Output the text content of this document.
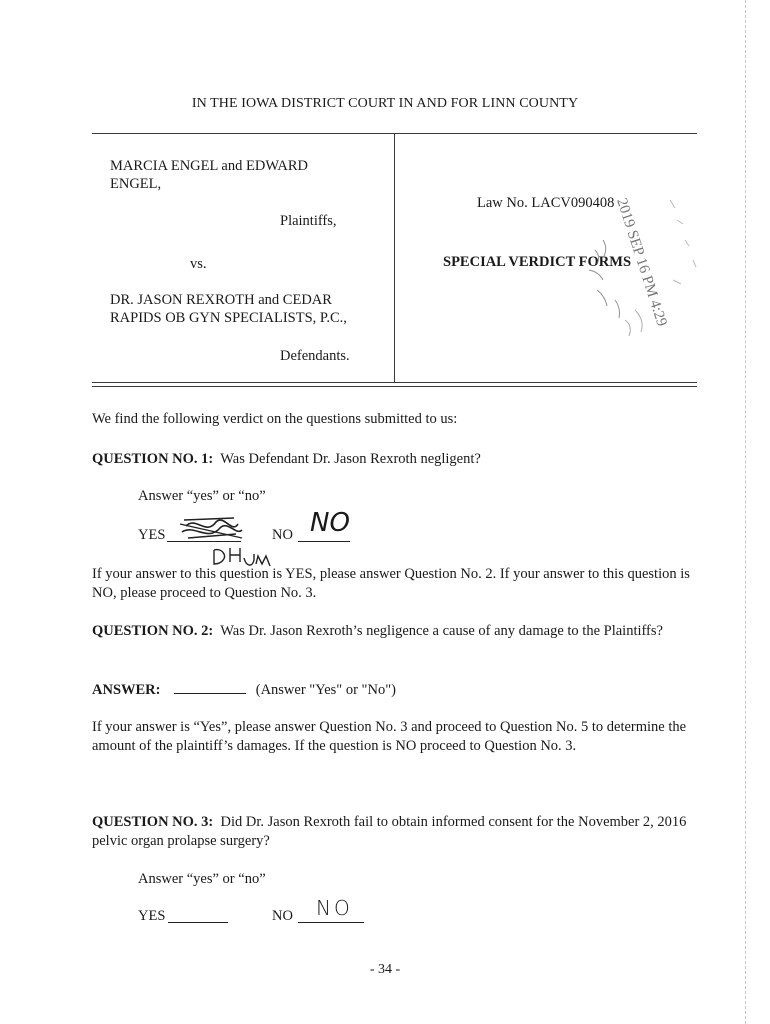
IN THE IOWA DISTRICT COURT IN AND FOR LINN COUNTY
MARCIA ENGEL and EDWARD
ENGEL,
Plaintiffs,
vs.
DR. JASON REXROTH and CEDAR
RAPIDS OB GYN SPECIALISTS, P.C.,
Defendants.
Law No. LACV090408
SPECIAL VERDICT FORMS
2019 SEP 16 PM 4:29
We find the following verdict on the questions submitted to us:
QUESTION NO. 1: Was Defendant Dr. Jason Rexroth negligent?
Answer “yes” or “no”
YES	NO NO
If your answer to this question is YES, please answer Question No. 2. If your answer to this question is NO, please proceed to Question No. 3.
QUESTION NO. 2: Was Dr. Jason Rexroth’s negligence a cause of any damage to the Plaintiffs?
ANSWER:	(Answer "Yes" or "No")
If your answer is “Yes”, please answer Question No. 3 and proceed to Question No. 5 to determine the amount of the plaintiff’s damages. If the question is NO proceed to Question No. 3.
QUESTION NO. 3: Did Dr. Jason Rexroth fail to obtain informed consent for the November 2, 2016 pelvic organ prolapse surgery?
Answer “yes” or “no”
YES	NO NO
- 34 -
